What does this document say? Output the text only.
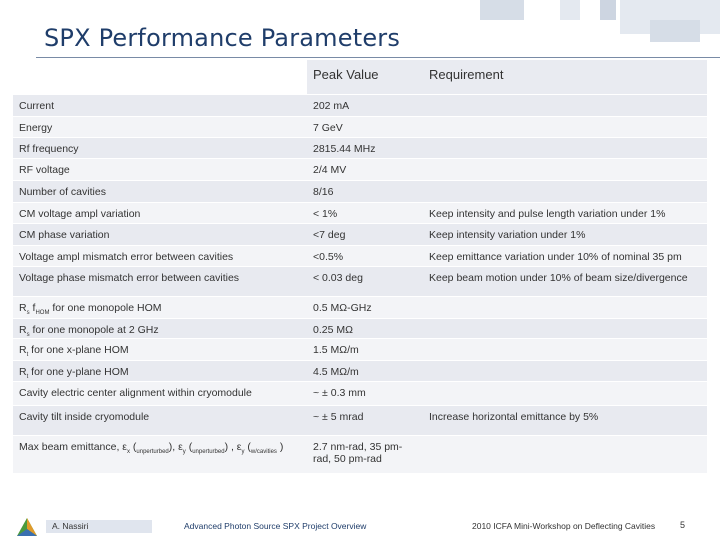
SPX Performance Parameters
	Peak Value	Requirement

Current	202 mA	

Energy	7 GeV	

Rf frequency	2815.44 MHz	

RF voltage	2/4 MV	

Number of cavities	8/16	

CM voltage ampl variation	< 1%	Keep intensity and pulse length variation under 1%

CM phase variation	<7 deg	Keep intensity variation under 1%

Voltage ampl mismatch error between cavities	<0.5%	Keep emittance variation under 10% of nominal 35 pm

Voltage phase mismatch error between cavities	< 0.03 deg	Keep beam motion under 10% of beam size/divergence

$R_s$ $f_{HOM}$ for one monopole HOM	0.5 MΩ-GHz	

$R_s$ for one monopole at 2 GHz	0.25 MΩ	

$R_t$ for one x-plane HOM	1.5 MΩ/m	

$R_t$ for one y-plane HOM	4.5 MΩ/m	

Cavity electric center alignment within cryomodule	~ ± 0.3 mm	

Cavity tilt inside cryomodule	~ ± 5 mrad	Increase horizontal emittance by 5%

Max beam emittance, $\varepsilon_x$ $(_{unperturbed})$, $\varepsilon_y$ $(_{unperturbed})$ , $\varepsilon_y$ ($_{w/cavities}$ )	2.7 nm-rad, 35 pm-rad, 50 pm-rad	

A. Nassiri	Advanced Photon Source SPX Project Overview	2010 ICFA Mini-Workshop on Deflecting Cavities	5
